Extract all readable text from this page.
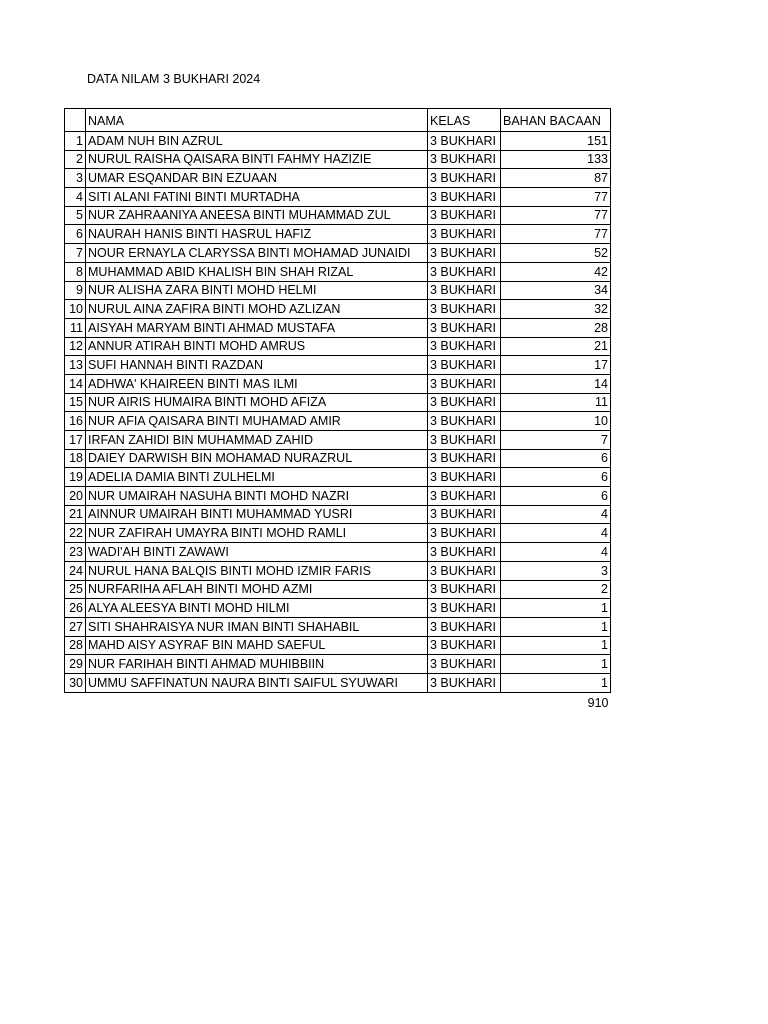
DATA NILAM 3 BUKHARI 2024
	NAMA	KELAS	BAHAN BACAAN
1	ADAM NUH BIN AZRUL	3 BUKHARI	151
2	NURUL RAISHA QAISARA BINTI FAHMY HAZIZIE	3 BUKHARI	133
3	UMAR ESQANDAR BIN EZUAAN	3 BUKHARI	87
4	SITI ALANI FATINI BINTI MURTADHA	3 BUKHARI	77
5	NUR ZAHRAANIYA ANEESA BINTI MUHAMMAD ZUL	3 BUKHARI	77
6	NAURAH HANIS BINTI HASRUL HAFIZ	3 BUKHARI	77
7	NOUR ERNAYLA CLARYSSA BINTI MOHAMAD JUNAIDI	3 BUKHARI	52
8	MUHAMMAD ABID KHALISH BIN SHAH RIZAL	3 BUKHARI	42
9	NUR ALISHA ZARA BINTI MOHD HELMI	3 BUKHARI	34
10	NURUL AINA ZAFIRA BINTI MOHD AZLIZAN	3 BUKHARI	32
11	AISYAH MARYAM BINTI AHMAD MUSTAFA	3 BUKHARI	28
12	ANNUR ATIRAH BINTI MOHD AMRUS	3 BUKHARI	21
13	SUFI HANNAH BINTI RAZDAN	3 BUKHARI	17
14	ADHWA' KHAIREEN BINTI MAS ILMI	3 BUKHARI	14
15	NUR AIRIS HUMAIRA BINTI MOHD AFIZA	3 BUKHARI	11
16	NUR AFIA QAISARA BINTI MUHAMAD AMIR	3 BUKHARI	10
17	IRFAN ZAHIDI BIN MUHAMMAD ZAHID	3 BUKHARI	7
18	DAIEY DARWISH BIN MOHAMAD NURAZRUL	3 BUKHARI	6
19	ADELIA DAMIA BINTI ZULHELMI	3 BUKHARI	6
20	NUR UMAIRAH NASUHA BINTI MOHD NAZRI	3 BUKHARI	6
21	AINNUR UMAIRAH BINTI MUHAMMAD YUSRI	3 BUKHARI	4
22	NUR ZAFIRAH UMAYRA BINTI MOHD RAMLI	3 BUKHARI	4
23	WADI'AH BINTI ZAWAWI	3 BUKHARI	4
24	NURUL HANA BALQIS BINTI MOHD IZMIR FARIS	3 BUKHARI	3
25	NURFARIHA AFLAH BINTI MOHD AZMI	3 BUKHARI	2
26	ALYA ALEESYA BINTI MOHD HILMI	3 BUKHARI	1
27	SITI SHAHRAISYA NUR IMAN BINTI SHAHABIL	3 BUKHARI	1
28	MAHD AISY ASYRAF BIN MAHD SAEFUL	3 BUKHARI	1
29	NUR FARIHAH BINTI AHMAD MUHIBBIIN	3 BUKHARI	1
30	UMMU SAFFINATUN NAURA BINTI SAIFUL SYUWARI	3 BUKHARI	1
			910
